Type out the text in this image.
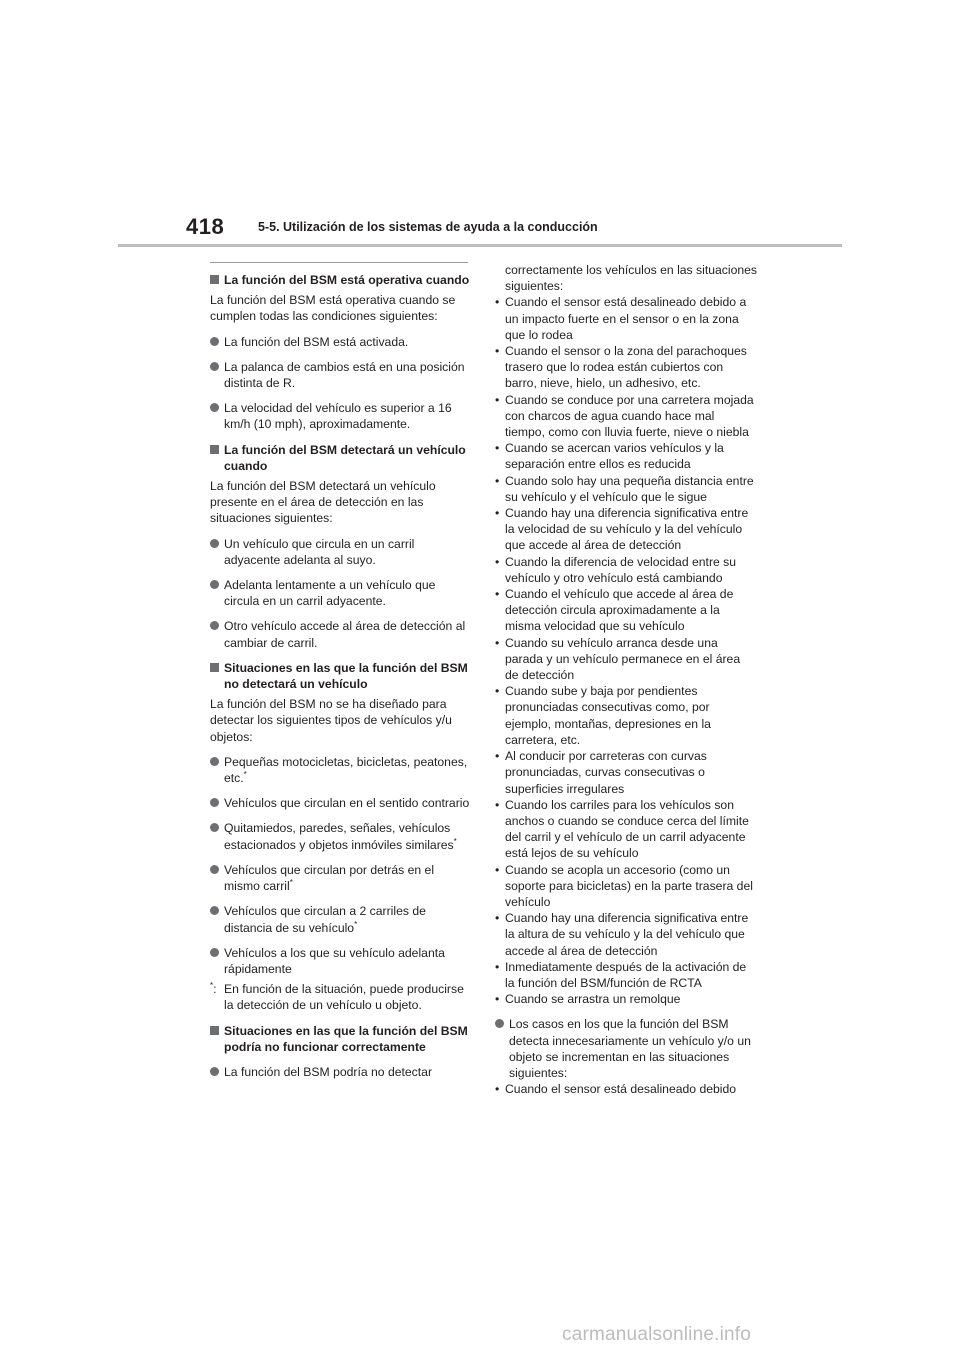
418	5-5. Utilización de los sistemas de ayuda a la conducción
La función del BSM está operativa cuando
La función del BSM está operativa cuando se cumplen todas las condiciones siguientes:
La función del BSM está activada.
La palanca de cambios está en una posición distinta de R.
La velocidad del vehículo es superior a 16 km/h (10 mph), aproximadamente.
La función del BSM detectará un vehículo cuando
La función del BSM detectará un vehículo presente en el área de detección en las situaciones siguientes:
Un vehículo que circula en un carril adyacente adelanta al suyo.
Adelanta lentamente a un vehículo que circula en un carril adyacente.
Otro vehículo accede al área de detección al cambiar de carril.
Situaciones en las que la función del BSM no detectará un vehículo
La función del BSM no se ha diseñado para detectar los siguientes tipos de vehículos y/u objetos:
Pequeñas motocicletas, bicicletas, peatones, etc.*
Vehículos que circulan en el sentido contrario
Quitamiedos, paredes, señales, vehículos estacionados y objetos inmóviles similares*
Vehículos que circulan por detrás en el mismo carril*
Vehículos que circulan a 2 carriles de distancia de su vehículo*
Vehículos a los que su vehículo adelanta rápidamente
*: En función de la situación, puede producirse la detección de un vehículo u objeto.
Situaciones en las que la función del BSM podría no funcionar correctamente
La función del BSM podría no detectar
correctamente los vehículos en las situaciones siguientes:
• Cuando el sensor está desalineado debido a un impacto fuerte en el sensor o en la zona que lo rodea
• Cuando el sensor o la zona del parachoques trasero que lo rodea están cubiertos con barro, nieve, hielo, un adhesivo, etc.
• Cuando se conduce por una carretera mojada con charcos de agua cuando hace mal tiempo, como con lluvia fuerte, nieve o niebla
• Cuando se acercan varios vehículos y la separación entre ellos es reducida
• Cuando solo hay una pequeña distancia entre su vehículo y el vehículo que le sigue
• Cuando hay una diferencia significativa entre la velocidad de su vehículo y la del vehículo que accede al área de detección
• Cuando la diferencia de velocidad entre su vehículo y otro vehículo está cambiando
• Cuando el vehículo que accede al área de detección circula aproximadamente a la misma velocidad que su vehículo
• Cuando su vehículo arranca desde una parada y un vehículo permanece en el área de detección
• Cuando sube y baja por pendientes pronunciadas consecutivas como, por ejemplo, montañas, depresiones en la carretera, etc.
• Al conducir por carreteras con curvas pronunciadas, curvas consecutivas o superficies irregulares
• Cuando los carriles para los vehículos son anchos o cuando se conduce cerca del límite del carril y el vehículo de un carril adyacente está lejos de su vehículo
• Cuando se acopla un accesorio (como un soporte para bicicletas) en la parte trasera del vehículo
• Cuando hay una diferencia significativa entre la altura de su vehículo y la del vehículo que accede al área de detección
• Inmediatamente después de la activación de la función del BSM/función de RCTA
• Cuando se arrastra un remolque
Los casos en los que la función del BSM detecta innecesariamente un vehículo y/o un objeto se incrementan en las situaciones siguientes:
• Cuando el sensor está desalineado debido
carmanualsonline.info
